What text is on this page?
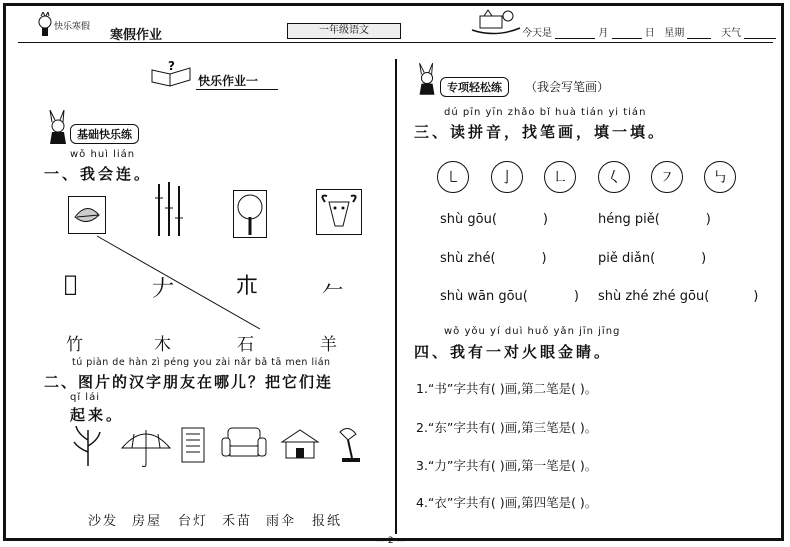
快乐寒假
寒假作业	一年级语文	今天是	月	日 星期	天气
?
快乐作业一
基础快乐练
wǒ huì lián
一、我会连。
𡴀	𠂇	𣎳	𠂉
竹	木	石	羊
tú piàn de hàn zì péng you zài nǎr bǎ tā men lián
二、图片的汉字朋友在哪儿？把它们连
qǐ lái
起来。
沙发 房屋 台灯 禾苗 雨伞 报纸
专项轻松练	（我会写笔画）
dú pīn yīn zhǎo bǐ huà tián yi tián
三、读拼音，找笔画，填一填。
㇄	亅	㇗	𡿨	㇇	㇉
shù gōu(	)	héng piě(	)
shù zhé(	)	piě diǎn(	)
shù wān gōu(	) shù zhé zhé gōu(	)
wǒ yǒu yí duì huǒ yǎn jīn jīng
四、我有一对火眼金睛。
1.“书”字共有( )画,第二笔是( )。
2.“东”字共有( )画,第三笔是( )。
3.“力”字共有( )画,第一笔是( )。
4.“衣”字共有( )画,第四笔是( )。
— 2 —
